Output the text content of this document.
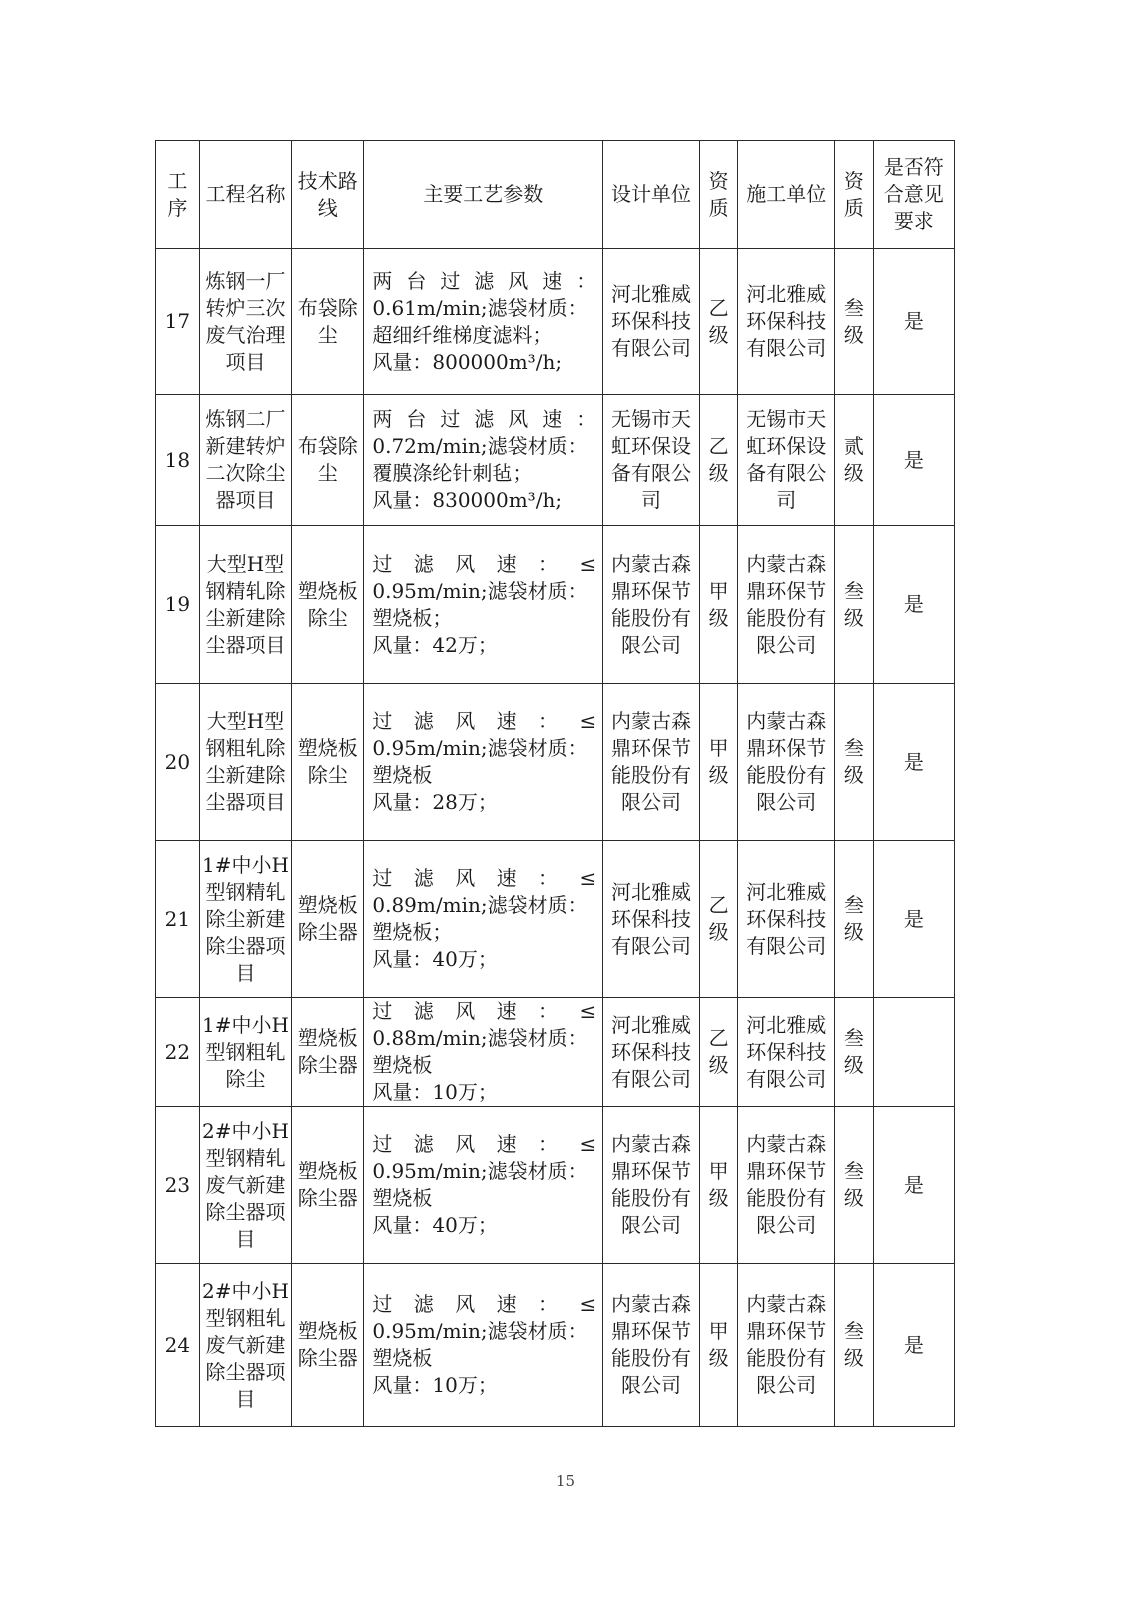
工序	工程名称	技术路线	主要工艺参数	设计单位	资质	施工单位	资质	是否符合意见要求
17	炼钢一厂转炉三次废气治理项目	布袋除尘	两台过滤风速：
0.61m/min;滤袋材质：
超细纤维梯度滤料；
风量：800000m³/h;	河北雅威环保科技有限公司	乙级	河北雅威环保科技有限公司	叁级	是
18	炼钢二厂新建转炉二次除尘器项目	布袋除尘	两台过滤风速：
0.72m/min;滤袋材质：
覆膜涤纶针刺毡；
风量：830000m³/h;	无锡市天虹环保设备有限公司	乙级	无锡市天虹环保设备有限公司	贰级	是
19	大型H型钢精轧除尘新建除尘器项目	塑烧板除尘	过滤风速：≤
0.95m/min;滤袋材质：
塑烧板；
风量：42万；	内蒙古森鼎环保节能股份有限公司	甲级	内蒙古森鼎环保节能股份有限公司	叁级	是
20	大型H型钢粗轧除尘新建除尘器项目	塑烧板除尘	过滤风速：≤
0.95m/min;滤袋材质：
塑烧板
风量：28万；	内蒙古森鼎环保节能股份有限公司	甲级	内蒙古森鼎环保节能股份有限公司	叁级	是
21	1#中小H型钢精轧除尘新建除尘器项目	塑烧板除尘器	过滤风速：≤
0.89m/min;滤袋材质：
塑烧板；
风量：40万；	河北雅威环保科技有限公司	乙级	河北雅威环保科技有限公司	叁级	是
22	1#中小H型钢粗轧除尘	塑烧板除尘器	过滤风速：≤
0.88m/min;滤袋材质：
塑烧板
风量：10万；	河北雅威环保科技有限公司	乙级	河北雅威环保科技有限公司	叁级	
23	2#中小H型钢精轧废气新建除尘器项目	塑烧板除尘器	过滤风速：≤
0.95m/min;滤袋材质：
塑烧板
风量：40万；	内蒙古森鼎环保节能股份有限公司	甲级	内蒙古森鼎环保节能股份有限公司	叁级	是
24	2#中小H型钢粗轧废气新建除尘器项目	塑烧板除尘器	过滤风速：≤
0.95m/min;滤袋材质：
塑烧板
风量：10万；	内蒙古森鼎环保节能股份有限公司	甲级	内蒙古森鼎环保节能股份有限公司	叁级	是
15
